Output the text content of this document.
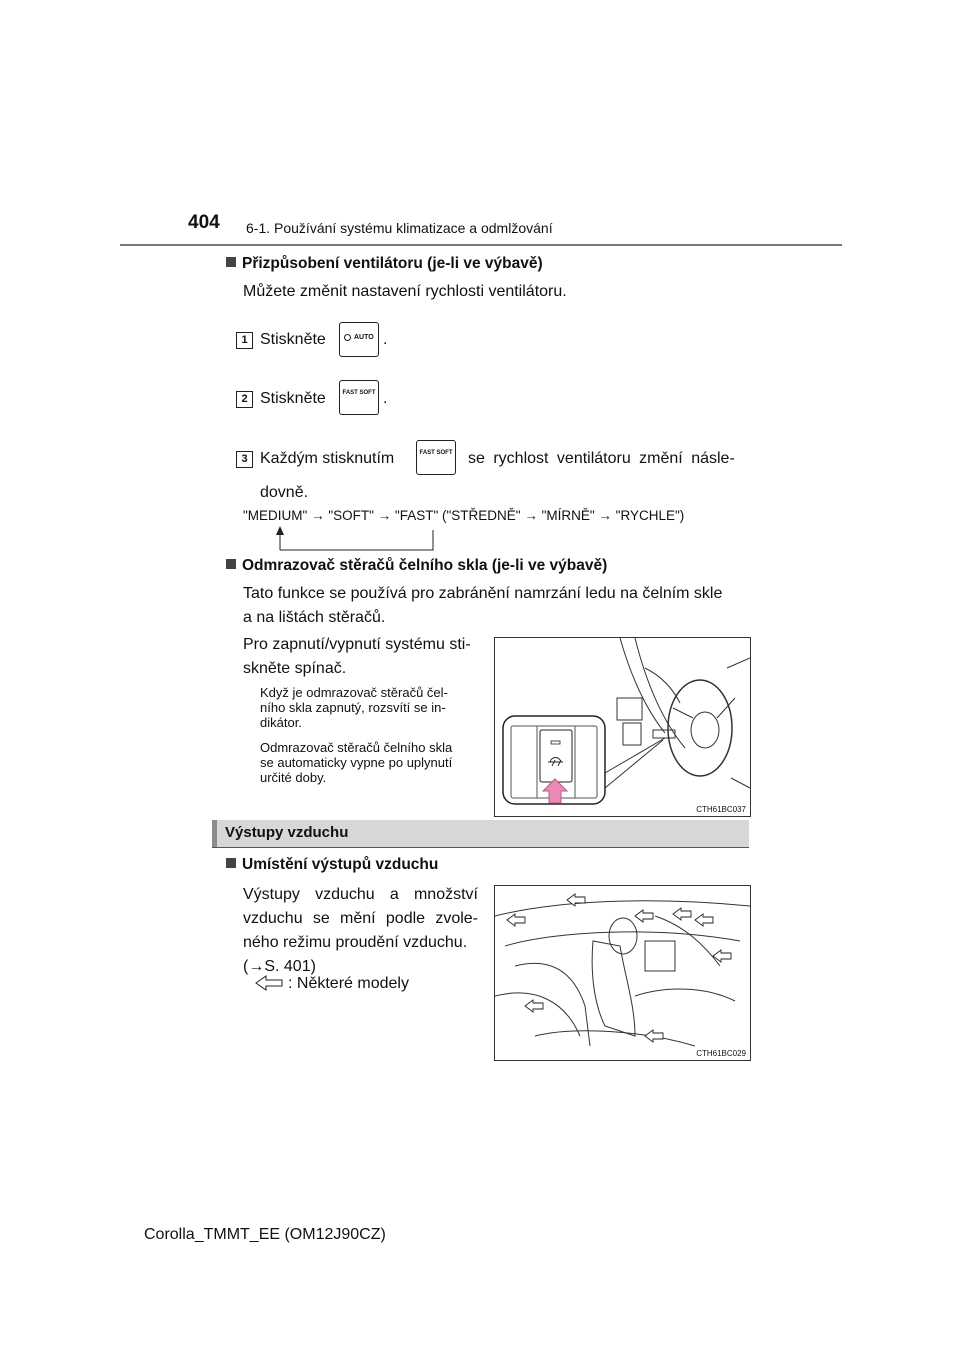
404 6-1. Používání systému klimatizace a odmlžování
Přizpůsobení ventilátoru (je-li ve výbavě)
Můžete změnit nastavení rychlosti ventilátoru.
1 Stiskněte	AUTO .
2 Stiskněte	FAST SOFT .
3 Každým stisknutím	FAST SOFT se rychlost ventilátoru změní násle-
dovně.
"MEDIUM" → "SOFT" → "FAST" ("STŘEDNĚ" → "MÍRNĚ" → "RYCHLE")
Odmrazovač stěračů čelního skla (je-li ve výbavě)
Tato funkce se používá pro zabránění namrzání ledu na čelním skle
a na lištách stěračů.
Pro zapnutí/vypnutí systému sti-
skněte spínač.
Když je odmrazovač stěračů čel-
ního skla zapnutý, rozsvítí se in-
dikátor.
Odmrazovač stěračů čelního skla
se automaticky vypne po uplynutí
určité doby.
CTH61BC037
Výstupy vzduchu
Umístění výstupů vzduchu
Výstupy vzduchu a množství
vzduchu se mění podle zvole-
ného režimu proudění vzduchu.
(→S. 401)
: Některé modely
CTH61BC029
Corolla_TMMT_EE (OM12J90CZ)
